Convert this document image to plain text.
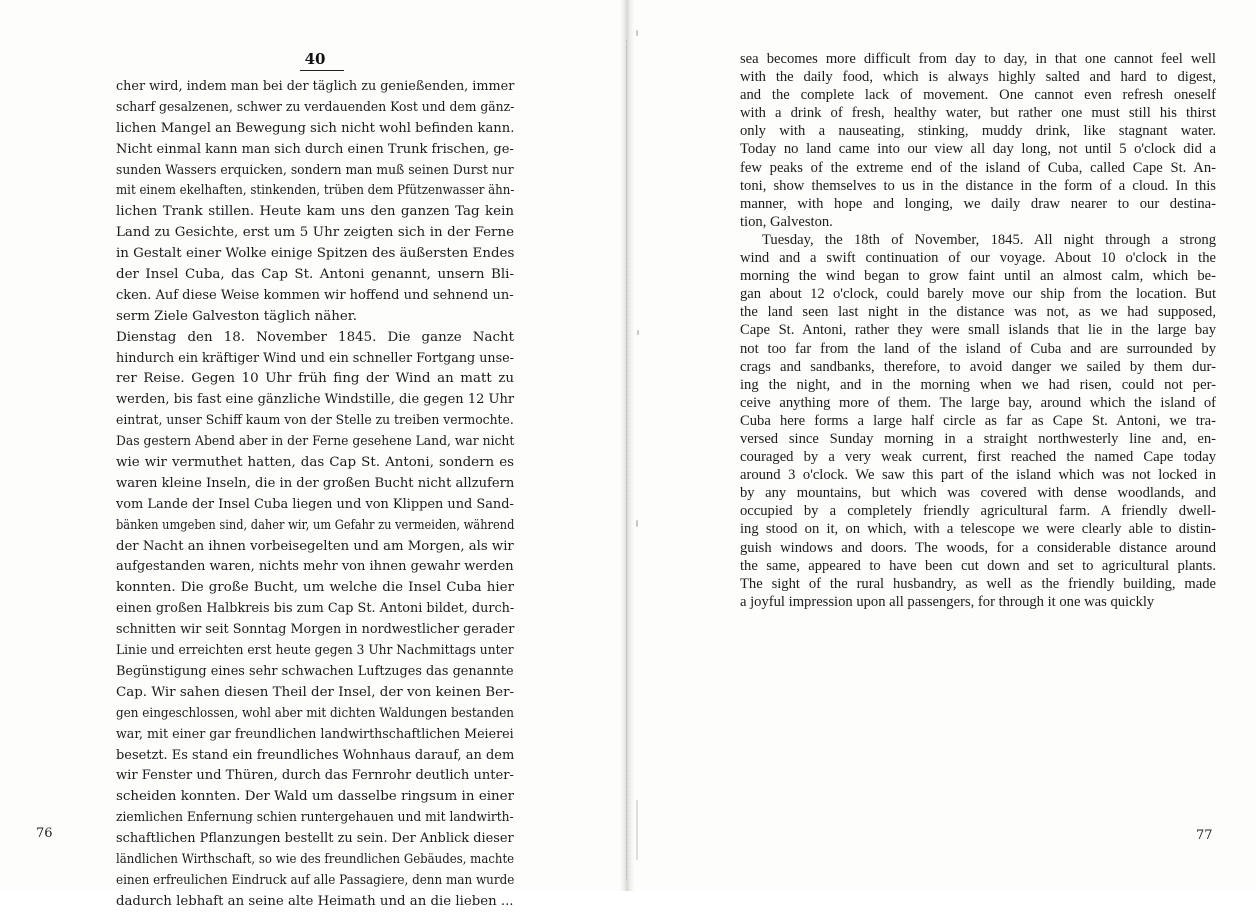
40
cher wird, indem man bei der täglich zu genießenden, immer
scharf gesalzenen, schwer zu verdauenden Kost und dem gänz-
lichen Mangel an Bewegung sich nicht wohl befinden kann.
Nicht einmal kann man sich durch einen Trunk frischen, ge-
sunden Wassers erquicken, sondern man muß seinen Durst nur
mit einem ekelhaften, stinkenden, trüben dem Pfützenwasser ähn-
lichen Trank stillen. Heute kam uns den ganzen Tag kein
Land zu Gesichte, erst um 5 Uhr zeigten sich in der Ferne
in Gestalt einer Wolke einige Spitzen des äußersten Endes
der Insel Cuba, das Cap St. Antoni genannt, unsern Bli-
cken. Auf diese Weise kommen wir hoffend und sehnend un-
serm Ziele Galveston täglich näher.
Dienstag den 18. November 1845. Die ganze Nacht
hindurch ein kräftiger Wind und ein schneller Fortgang unse-
rer Reise. Gegen 10 Uhr früh fing der Wind an matt zu
werden, bis fast eine gänzliche Windstille, die gegen 12 Uhr
eintrat, unser Schiff kaum von der Stelle zu treiben vermochte.
Das gestern Abend aber in der Ferne gesehene Land, war nicht
wie wir vermuthet hatten, das Cap St. Antoni, sondern es
waren kleine Inseln, die in der großen Bucht nicht allzufern
vom Lande der Insel Cuba liegen und von Klippen und Sand-
bänken umgeben sind, daher wir, um Gefahr zu vermeiden, während
der Nacht an ihnen vorbeisegelten und am Morgen, als wir
aufgestanden waren, nichts mehr von ihnen gewahr werden
konnten. Die große Bucht, um welche die Insel Cuba hier
einen großen Halbkreis bis zum Cap St. Antoni bildet, durch-
schnitten wir seit Sonntag Morgen in nordwestlicher gerader
Linie und erreichten erst heute gegen 3 Uhr Nachmittags unter
Begünstigung eines sehr schwachen Luftzuges das genannte
Cap. Wir sahen diesen Theil der Insel, der von keinen Ber-
gen eingeschlossen, wohl aber mit dichten Waldungen bestanden
war, mit einer gar freundlichen landwirthschaftlichen Meierei
besetzt. Es stand ein freundliches Wohnhaus darauf, an dem
wir Fenster und Thüren, durch das Fernrohr deutlich unter-
scheiden konnten. Der Wald um dasselbe ringsum in einer
ziemlichen Enfernung schien runtergehauen und mit landwirth-
schaftlichen Pflanzungen bestellt zu sein. Der Anblick dieser
ländlichen Wirthschaft, so wie des freundlichen Gebäudes, machte
einen erfreulichen Eindruck auf alle Passagiere, denn man wurde
dadurch lebhaft an seine alte Heimath und an die lieben ...
76
sea becomes more difficult from day to day, in that one cannot feel well
with the daily food, which is always highly salted and hard to digest,
and the complete lack of movement. One cannot even refresh oneself
with a drink of fresh, healthy water, but rather one must still his thirst
only with a nauseating, stinking, muddy drink, like stagnant water.
Today no land came into our view all day long, not until 5 o'clock did a
few peaks of the extreme end of the island of Cuba, called Cape St. An-
toni, show themselves to us in the distance in the form of a cloud. In this
manner, with hope and longing, we daily draw nearer to our destina-
tion, Galveston.
Tuesday, the 18th of November, 1845. All night through a strong
wind and a swift continuation of our voyage. About 10 o'clock in the
morning the wind began to grow faint until an almost calm, which be-
gan about 12 o'clock, could barely move our ship from the location. But
the land seen last night in the distance was not, as we had supposed,
Cape St. Antoni, rather they were small islands that lie in the large bay
not too far from the land of the island of Cuba and are surrounded by
crags and sandbanks, therefore, to avoid danger we sailed by them dur-
ing the night, and in the morning when we had risen, could not per-
ceive anything more of them. The large bay, around which the island of
Cuba here forms a large half circle as far as Cape St. Antoni, we tra-
versed since Sunday morning in a straight northwesterly line and, en-
couraged by a very weak current, first reached the named Cape today
around 3 o'clock. We saw this part of the island which was not locked in
by any mountains, but which was covered with dense woodlands, and
occupied by a completely friendly agricultural farm. A friendly dwell-
ing stood on it, on which, with a telescope we were clearly able to distin-
guish windows and doors. The woods, for a considerable distance around
the same, appeared to have been cut down and set to agricultural plants.
The sight of the rural husbandry, as well as the friendly building, made
a joyful impression upon all passengers, for through it one was quickly
77
